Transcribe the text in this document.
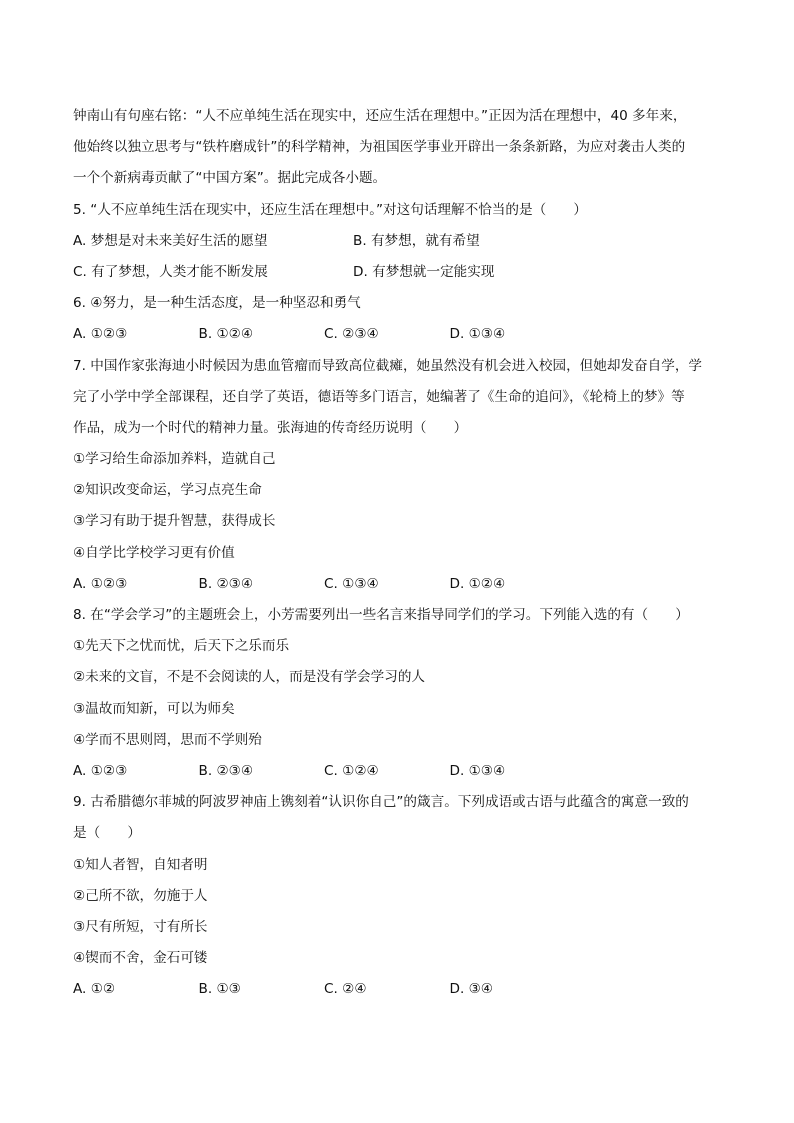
钟南山有句座右铭：“人不应单纯生活在现实中，还应生活在理想中。”正因为活在理想中，40 多年来，
他始终以独立思考与“铁杵磨成针”的科学精神，为祖国医学事业开辟出一条条新路，为应对袭击人类的
一个个新病毒贡献了“中国方案”。据此完成各小题。
5. “人不应单纯生活在现实中，还应生活在理想中。”对这句话理解不恰当的是（　　）
A. 梦想是对未来美好生活的愿望	B. 有梦想，就有希望
C. 有了梦想，人类才能不断发展	D. 有梦想就一定能实现
6. ④努力，是一种生活态度，是一种坚忍和勇气
A. ①②③	B. ①②④	C. ②③④	D. ①③④
7. 中国作家张海迪小时候因为患血管瘤而导致高位截瘫，她虽然没有机会进入校园，但她却发奋自学，学
完了小学中学全部课程，还自学了英语，德语等多门语言，她编著了《生命的追问》，《轮椅上的梦》等
作品，成为一个时代的精神力量。张海迪的传奇经历说明（　　）
①学习给生命添加养料，造就自己
②知识改变命运，学习点亮生命
③学习有助于提升智慧，获得成长
④自学比学校学习更有价值
A. ①②③	B. ②③④	C. ①③④	D. ①②④
8. 在“学会学习”的主题班会上，小芳需要列出一些名言来指导同学们的学习。下列能入选的有（　　）
①先天下之忧而忧，后天下之乐而乐
②未来的文盲，不是不会阅读的人，而是没有学会学习的人
③温故而知新，可以为师矣
④学而不思则罔，思而不学则殆
A. ①②③	B. ②③④	C. ①②④	D. ①③④
9. 古希腊德尔菲城的阿波罗神庙上镌刻着“认识你自己”的箴言。下列成语或古语与此蕴含的寓意一致的
是（　　）
①知人者智，自知者明
②己所不欲，勿施于人
③尺有所短，寸有所长
④锲而不舍，金石可镂
A. ①②	B. ①③	C. ②④	D. ③④
